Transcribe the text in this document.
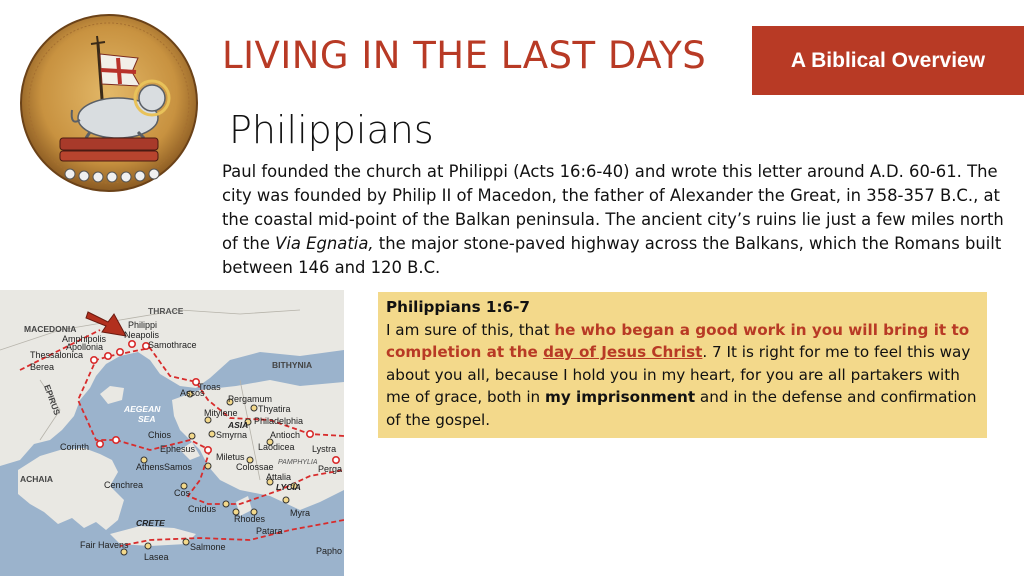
LIVING IN THE LAST DAYS	A Biblical Overview
Philippians
Paul founded the church at Philippi (Acts 16:6-40) and wrote this letter around A.D. 60-61. The city was founded by Philip II of Macedon, the father of Alexander the Great, in 358-357 B.C., at the coastal mid-point of the Balkan peninsula. The ancient city’s ruins lie just a few miles north of the Via Egnatia, the major stone-paved highway across the Balkans, which the Romans built between 146 and 120 B.C.
THRACE
MACEDONIA	Philippi
Neapolis
Amphipolis
Apollonia	Samothrace
Thessalonica
Berea	BITHYNIA
EPIRUS	Troas
Assos
Pergamum
AEGEAN
SEA
Mitylene Thyatira
Philadelphia
ASIA
Chios	Smyrna	Antioch
Corinth	Ephesus	Laodicea Lystra
Athens Samos
Miletus
Colossae PAMPHYLIA
Perga
ACHAIA
Cenchrea
Attalia
LYCIA
Cos
Cnidus	Myra
Rhodes
Patara
CRETE
Fair Havens	Salmone
Lasea
Papho
Philippians 1:6-7
I am sure of this, that he who began a good work in you will bring it to completion at the day of Jesus Christ. 7 It is right for me to feel this way about you all, because I hold you in my heart, for you are all partakers with me of grace, both in my imprisonment and in the defense and confirmation of the gospel.
